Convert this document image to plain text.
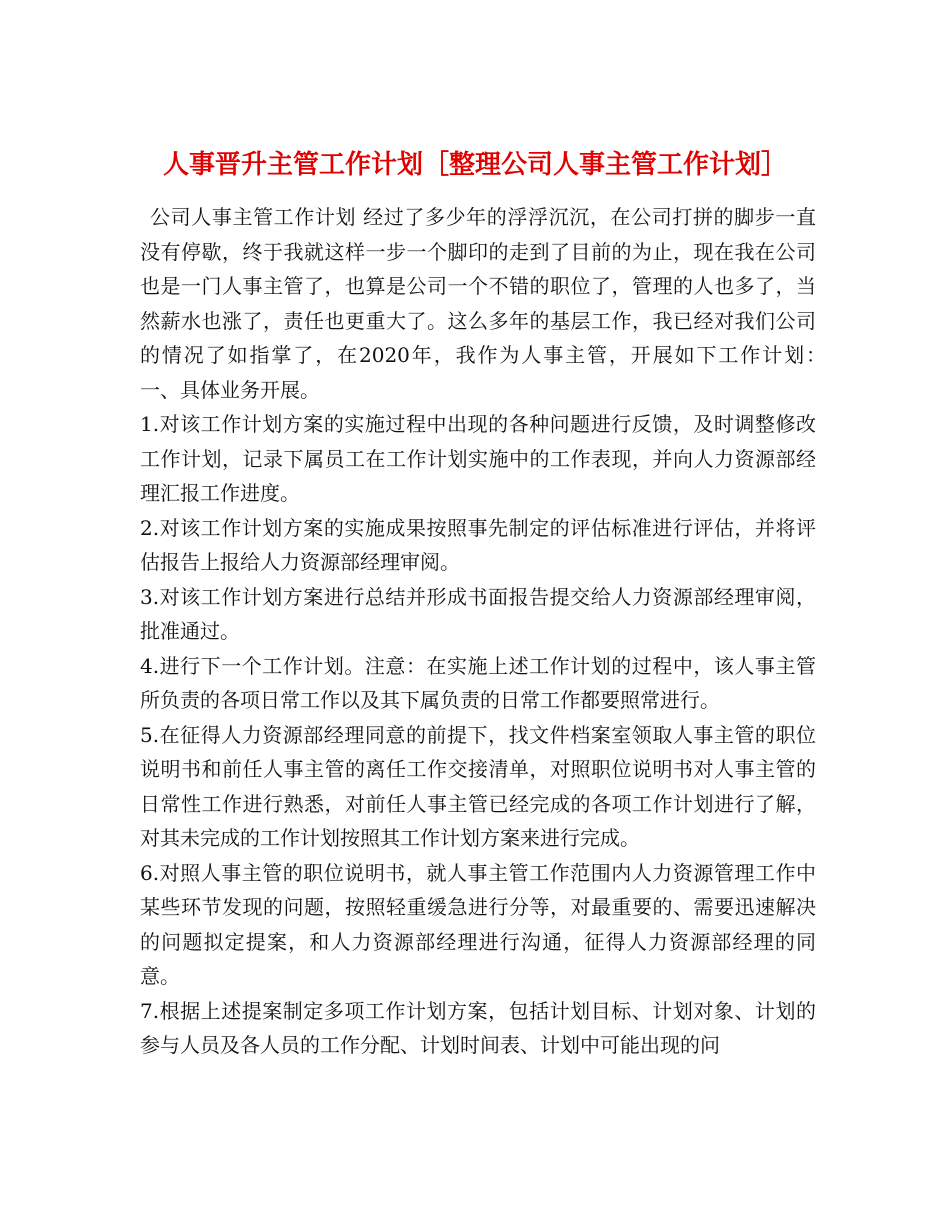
人事晋升主管工作计划［整理公司人事主管工作计划］

公司人事主管工作计划 经过了多少年的浮浮沉沉，在公司打拼的脚步一直没有停歇，终于我就这样一步一个脚印的走到了目前的为止，现在我在公司也是一门人事主管了，也算是公司一个不错的职位了，管理的人也多了，当然薪水也涨了，责任也更重大了。这么多年的基层工作，我已经对我们公司的情况了如指掌了，在2020年，我作为人事主管，开展如下工作计划：　一、具体业务开展。

1.对该工作计划方案的实施过程中出现的各种问题进行反馈，及时调整修改工作计划，记录下属员工在工作计划实施中的工作表现，并向人力资源部经理汇报工作进度。

2.对该工作计划方案的实施成果按照事先制定的评估标准进行评估，并将评估报告上报给人力资源部经理审阅。

3.对该工作计划方案进行总结并形成书面报告提交给人力资源部经理审阅，批准通过。

4.进行下一个工作计划。注意：在实施上述工作计划的过程中，该人事主管所负责的各项日常工作以及其下属负责的日常工作都要照常进行。

5.在征得人力资源部经理同意的前提下，找文件档案室领取人事主管的职位说明书和前任人事主管的离任工作交接清单，对照职位说明书对人事主管的日常性工作进行熟悉，对前任人事主管已经完成的各项工作计划进行了解，对其未完成的工作计划按照其工作计划方案来进行完成。

6.对照人事主管的职位说明书，就人事主管工作范围内人力资源管理工作中某些环节发现的问题，按照轻重缓急进行分等，对最重要的、需要迅速解决的问题拟定提案，和人力资源部经理进行沟通，征得人力资源部经理的同意。

7.根据上述提案制定多项工作计划方案，包括计划目标、计划对象、计划的参与人员及各人员的工作分配、计划时间表、计划中可能出现的问
